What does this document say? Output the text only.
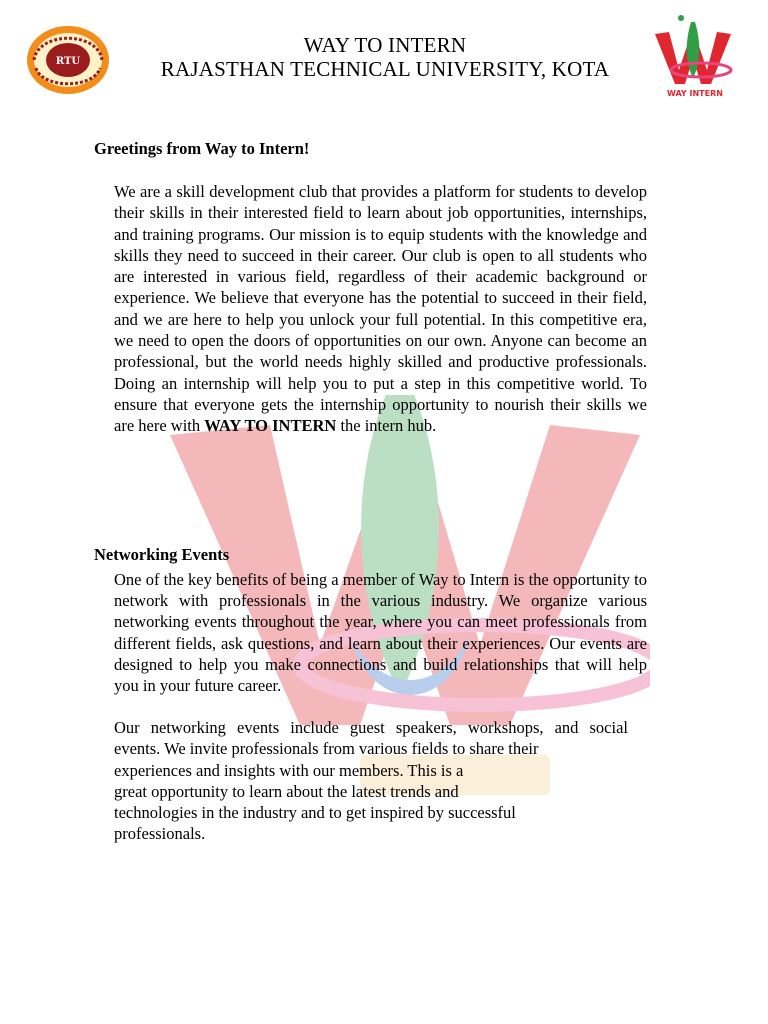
RTU
WAY TO INTERN
RAJASTHAN TECHNICAL UNIVERSITY, KOTA
WAY INTERN
Greetings from Way to Intern!
We are a skill development club that provides a platform for students to develop their skills in their interested field to learn about job opportunities, internships, and training programs. Our mission is to equip students with the knowledge and skills they need to succeed in their career. Our club is open to all students who are interested in various field, regardless of their academic background or experience. We believe that everyone has the potential to succeed in their field, and we are here to help you unlock your full potential. In this competitive era, we need to open the doors of opportunities on our own. Anyone can become an professional, but the world needs highly skilled and productive professionals. Doing an internship will help you to put a step in this competitive world. To ensure that everyone gets the internship opportunity to nourish their skills we are here with WAY TO INTERN the intern hub.
Networking Events
One of the key benefits of being a member of Way to Intern is the opportunity to network with professionals in the various industry. We organize various networking events throughout the year, where you can meet professionals from different fields, ask questions, and learn about their experiences. Our events are designed to help you make connections and build relationships that will help you in your future career.
Our networking events include guest speakers, workshops, and social
events. We invite professionals from various fields to share their
experiences and insights with our members. This is a
great opportunity to learn about the latest trends and
technologies in the industry and to get inspired by successful
professionals.
